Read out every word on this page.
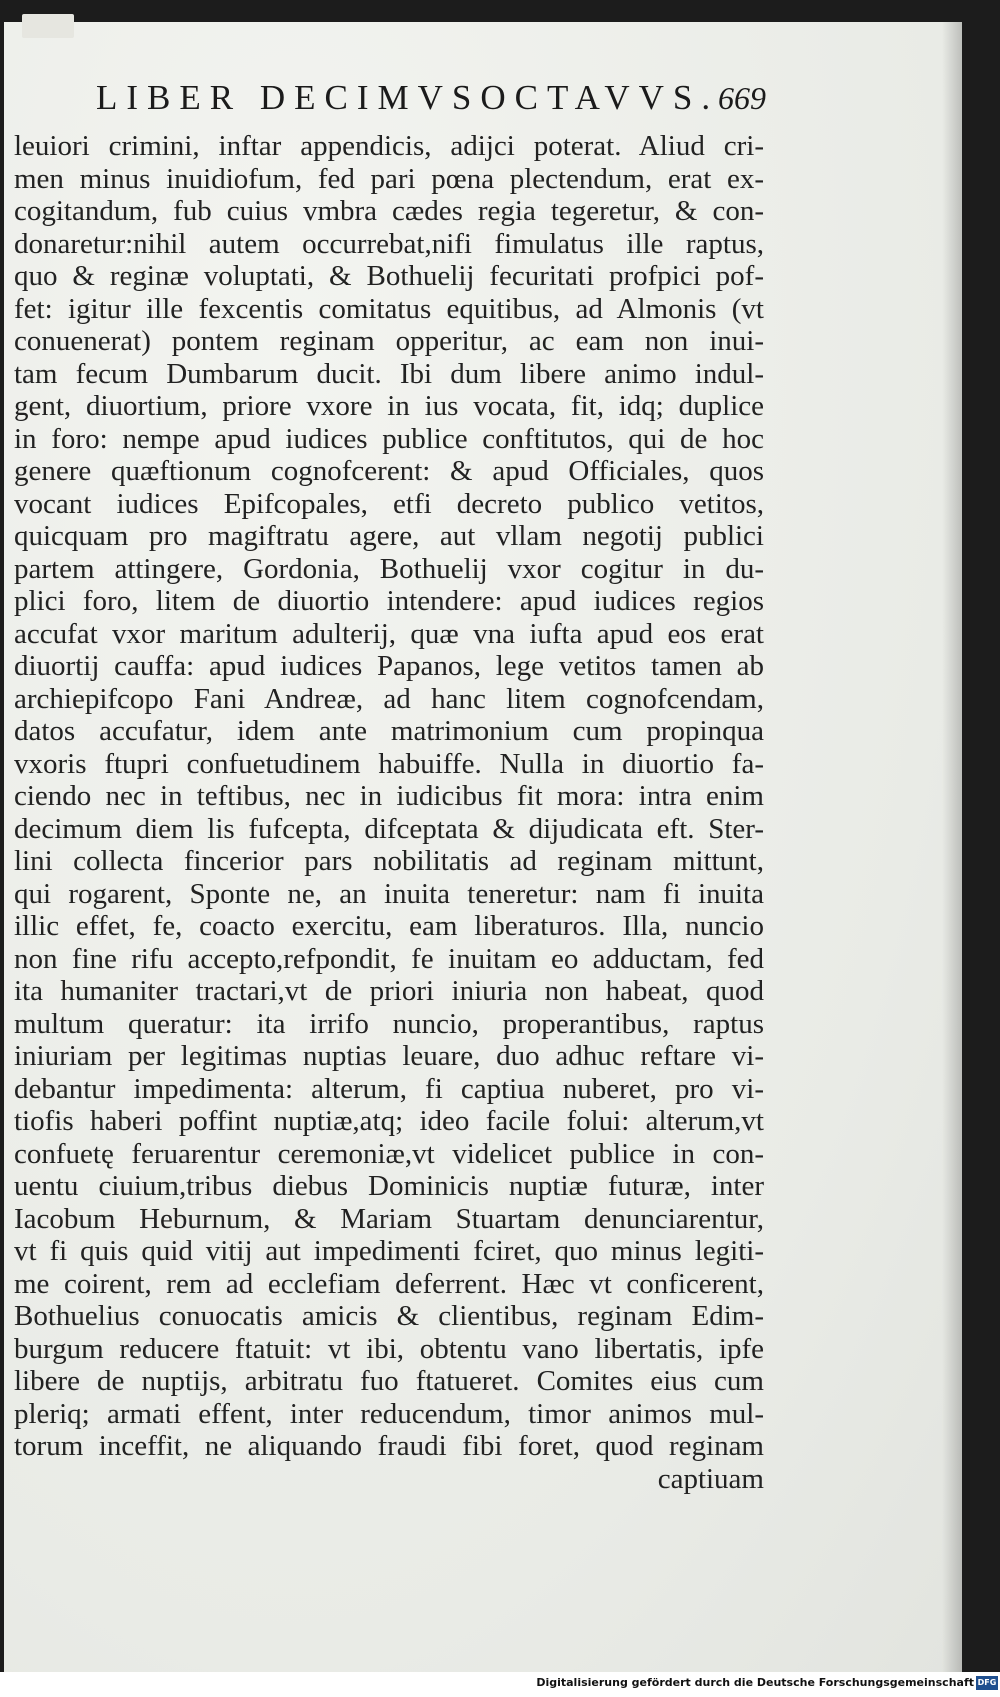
LIBER DECIMVSOCTAVVS.
669
leuiori crimini, inftar appendicis, adijci poterat. Aliud cri-
men minus inuidiofum, fed pari pœna plectendum, erat ex-
cogitandum, fub cuius vmbra cædes regia tegeretur, & con-
donaretur:nihil autem occurrebat,nifi fimulatus ille raptus,
quo & reginæ voluptati, & Bothuelij fecuritati profpici pof-
fet: igitur ille fexcentis comitatus equitibus, ad Almonis (vt
conuenerat) pontem reginam opperitur, ac eam non inui-
tam fecum Dumbarum ducit. Ibi dum libere animo indul-
gent, diuortium, priore vxore in ius vocata, fit, idq; duplice
in foro: nempe apud iudices publice conftitutos, qui de hoc
genere quæftionum cognofcerent: & apud Officiales, quos
vocant iudices Epifcopales, etfi decreto publico vetitos,
quicquam pro magiftratu agere, aut vllam negotij publici
partem attingere, Gordonia, Bothuelij vxor cogitur in du-
plici foro, litem de diuortio intendere: apud iudices regios
accufat vxor maritum adulterij, quæ vna iufta apud eos erat
diuortij cauffa: apud iudices Papanos, lege vetitos tamen ab
archiepifcopo Fani Andreæ, ad hanc litem cognofcendam,
datos accufatur, idem ante matrimonium cum propinqua
vxoris ftupri confuetudinem habuiffe. Nulla in diuortio fa-
ciendo nec in teftibus, nec in iudicibus fit mora: intra enim
decimum diem lis fufcepta, difceptata & dijudicata eft. Ster-
lini collecta fincerior pars nobilitatis ad reginam mittunt,
qui rogarent, Sponte ne, an inuita teneretur: nam fi inuita
illic effet, fe, coacto exercitu, eam liberaturos. Illa, nuncio
non fine rifu accepto,refpondit, fe inuitam eo adductam, fed
ita humaniter tractari,vt de priori iniuria non habeat, quod
multum queratur: ita irrifo nuncio, properantibus, raptus
iniuriam per legitimas nuptias leuare, duo adhuc reftare vi-
debantur impedimenta: alterum, fi captiua nuberet, pro vi-
tiofis haberi poffint nuptiæ,atq; ideo facile folui: alterum,vt
confuetę feruarentur ceremoniæ,vt videlicet publice in con-
uentu ciuium,tribus diebus Dominicis nuptiæ futuræ, inter
Iacobum Heburnum, & Mariam Stuartam denunciarentur,
vt fi quis quid vitij aut impedimenti fciret, quo minus legiti-
me coirent, rem ad ecclefiam deferrent. Hæc vt conficerent,
Bothuelius conuocatis amicis & clientibus, reginam Edim-
burgum reducere ftatuit: vt ibi, obtentu vano libertatis, ipfe
libere de nuptijs, arbitratu fuo ftatueret. Comites eius cum
pleriq; armati effent, inter reducendum, timor animos mul-
torum inceffit, ne aliquando fraudi fibi foret, quod reginam
captiuam
Digitalisierung gefördert durch die Deutsche Forschungsgemeinschaft DFG
